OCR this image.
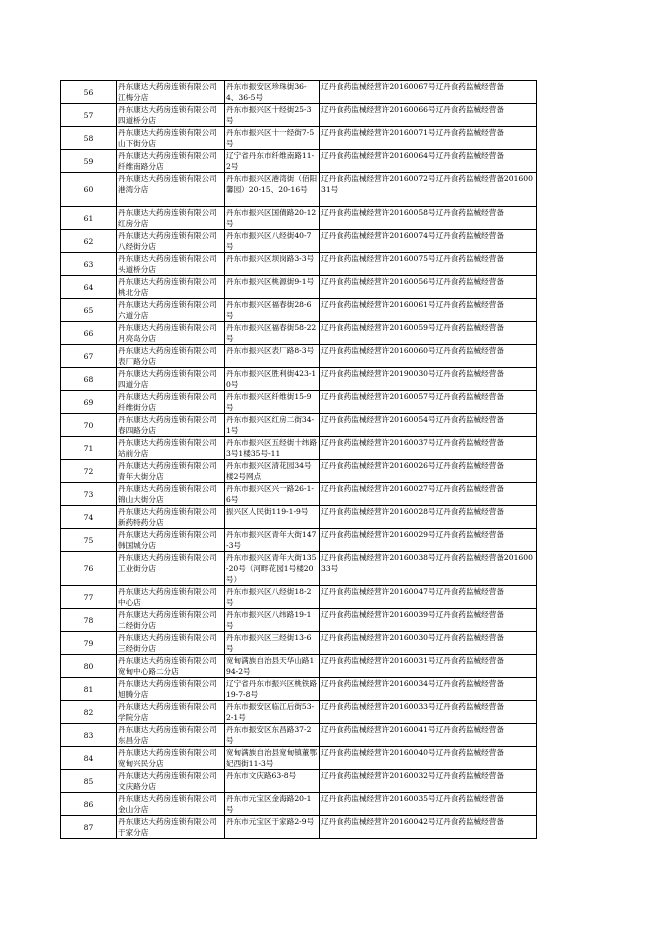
56	丹东康达大药房连锁有限公司江梅分店	丹东市振安区珍珠街36-4、36-5号	辽丹食药监械经营许20160067号辽丹食药监械经营备
57	丹东康达大药房连锁有限公司四道桥分店	丹东市振兴区十经街25-3号	辽丹食药监械经营许20160066号辽丹食药监械经营备
58	丹东康达大药房连锁有限公司山下街分店	丹东市振兴区十一经街7-5号	辽丹食药监械经营许20160071号辽丹食药监械经营备
59	丹东康达大药房连锁有限公司纤维南路分店	辽宁省丹东市纤维南路11-2号	辽丹食药监械经营许20160064号辽丹食药监械经营备
60	丹东康达大药房连锁有限公司港湾分店	丹东市振兴区港湾街（佰阳馨园）20-15、20-16号	辽丹食药监械经营许20160072号辽丹食药监械经营备20160031号
61	丹东康达大药房连锁有限公司红房分店	丹东市振兴区国債路20-12号	辽丹食药监械经营许20160058号辽丹食药监械经营备
62	丹东康达大药房连锁有限公司八经街分店	丹东市振兴区八经街40-7号	辽丹食药监械经营许20160074号辽丹食药监械经营备
63	丹东康达大药房连锁有限公司头道桥分店	丹东市振兴区坝岗路3-3号	辽丹食药监械经营许20160075号辽丹食药监械经营备
64	丹东康达大药房连锁有限公司桃北分店	丹东市振兴区桃源街9-1号	辽丹食药监械经营许20160056号辽丹食药监械经营备
65	丹东康达大药房连锁有限公司六道分店	丹东市振兴区福春街28-6号	辽丹食药监械经营许20160061号辽丹食药监械经营备
66	丹东康达大药房连锁有限公司月亮岛分店	丹东市振兴区福春街58-22号	辽丹食药监械经营许20160059号辽丹食药监械经营备
67	丹东康达大药房连锁有限公司表厂路分店	丹东市振兴区表厂路8-3号	辽丹食药监械经营许20160060号辽丹食药监械经营备
68	丹东康达大药房连锁有限公司四道分店	丹东市振兴区胜利街423-10号	辽丹食药监械经营许20190030号辽丹食药监械经营备
69	丹东康达大药房连锁有限公司纤维街分店	丹东市振兴区纤维街15-9号	辽丹食药监械经营许20160057号辽丹食药监械经营备
70	丹东康达大药房连锁有限公司春四路分店	丹东市振兴区红房二街34-1号	辽丹食药监械经营许20160054号辽丹食药监械经营备
71	丹东康达大药房连锁有限公司站前分店	丹东市振兴区五经街十纬路3号1楼35号-11	辽丹食药监械经营许20160037号辽丹食药监械经营备
72	丹东康达大药房连锁有限公司青年大街分店	丹东市振兴区清花园34号楼2号网点	辽丹食药监械经营许20160026号辽丹食药监械经营备
73	丹东康达大药房连锁有限公司锦山大街分店	丹东市振兴区兴一路26-1-6号	辽丹食药监械经营许20160027号辽丹食药监械经营备
74	丹东康达大药房连锁有限公司新药特药分店	振兴区人民街119-1-9号	辽丹食药监械经营许20160028号辽丹食药监械经营备
75	丹东康达大药房连锁有限公司韩国城分店	丹东市振兴区青年大街147-3号	辽丹食药监械经营许20160029号辽丹食药监械经营备
76	丹东康达大药房连锁有限公司工业街分店	丹东市振兴区青年大街135-20号（河畔花园1号楼20号）	辽丹食药监械经营许20160038号辽丹食药监械经营备20160033号
77	丹东康达大药房连锁有限公司中心店	丹东市振兴区八经街18-2号	辽丹食药监械经营许20160047号辽丹食药监械经营备
78	丹东康达大药房连锁有限公司二经街分店	丹东市振兴区八纬路19-1号	辽丹食药监械经营许20160039号辽丹食药监械经营备
79	丹东康达大药房连锁有限公司三经街分店	丹东市振兴区三经街13-6号	辽丹食药监械经营许20160030号辽丹食药监械经营备
80	丹东康达大药房连锁有限公司宽甸中心路二分店	宽甸满族自治县天华山路194-2号	辽丹食药监械经营许20160031号辽丹食药监械经营备
81	丹东康达大药房连锁有限公司旭腾分店	辽宁省丹东市振兴区桃铁路19-7-8号	辽丹食药监械经营许20160034号辽丹食药监械经营备
82	丹东康达大药房连锁有限公司学院分店	丹东市振安区临江后街53-2-1号	辽丹食药监械经营许20160033号辽丹食药监械经营备
83	丹东康达大药房连锁有限公司东昌分店	丹东市振安区东昌路37-2号	辽丹食药监械经营许20160041号辽丹食药监械经营备
84	丹东康达大药房连锁有限公司宽甸兴民分店	宽甸满族自治县宽甸镇董鄂妃西街11-3号	辽丹食药监械经营许20160040号辽丹食药监械经营备
85	丹东康达大药房连锁有限公司文庆路分店	丹东市文庆路63-8号	辽丹食药监械经营许20160032号辽丹食药监械经营备
86	丹东康达大药房连锁有限公司金山分店	丹东市元宝区金海路20-1号	辽丹食药监械经营许20160035号辽丹食药监械经营备
87	丹东康达大药房连锁有限公司于家分店	丹东市元宝区于家路2-9号	辽丹食药监械经营许20160042号辽丹食药监械经营备
